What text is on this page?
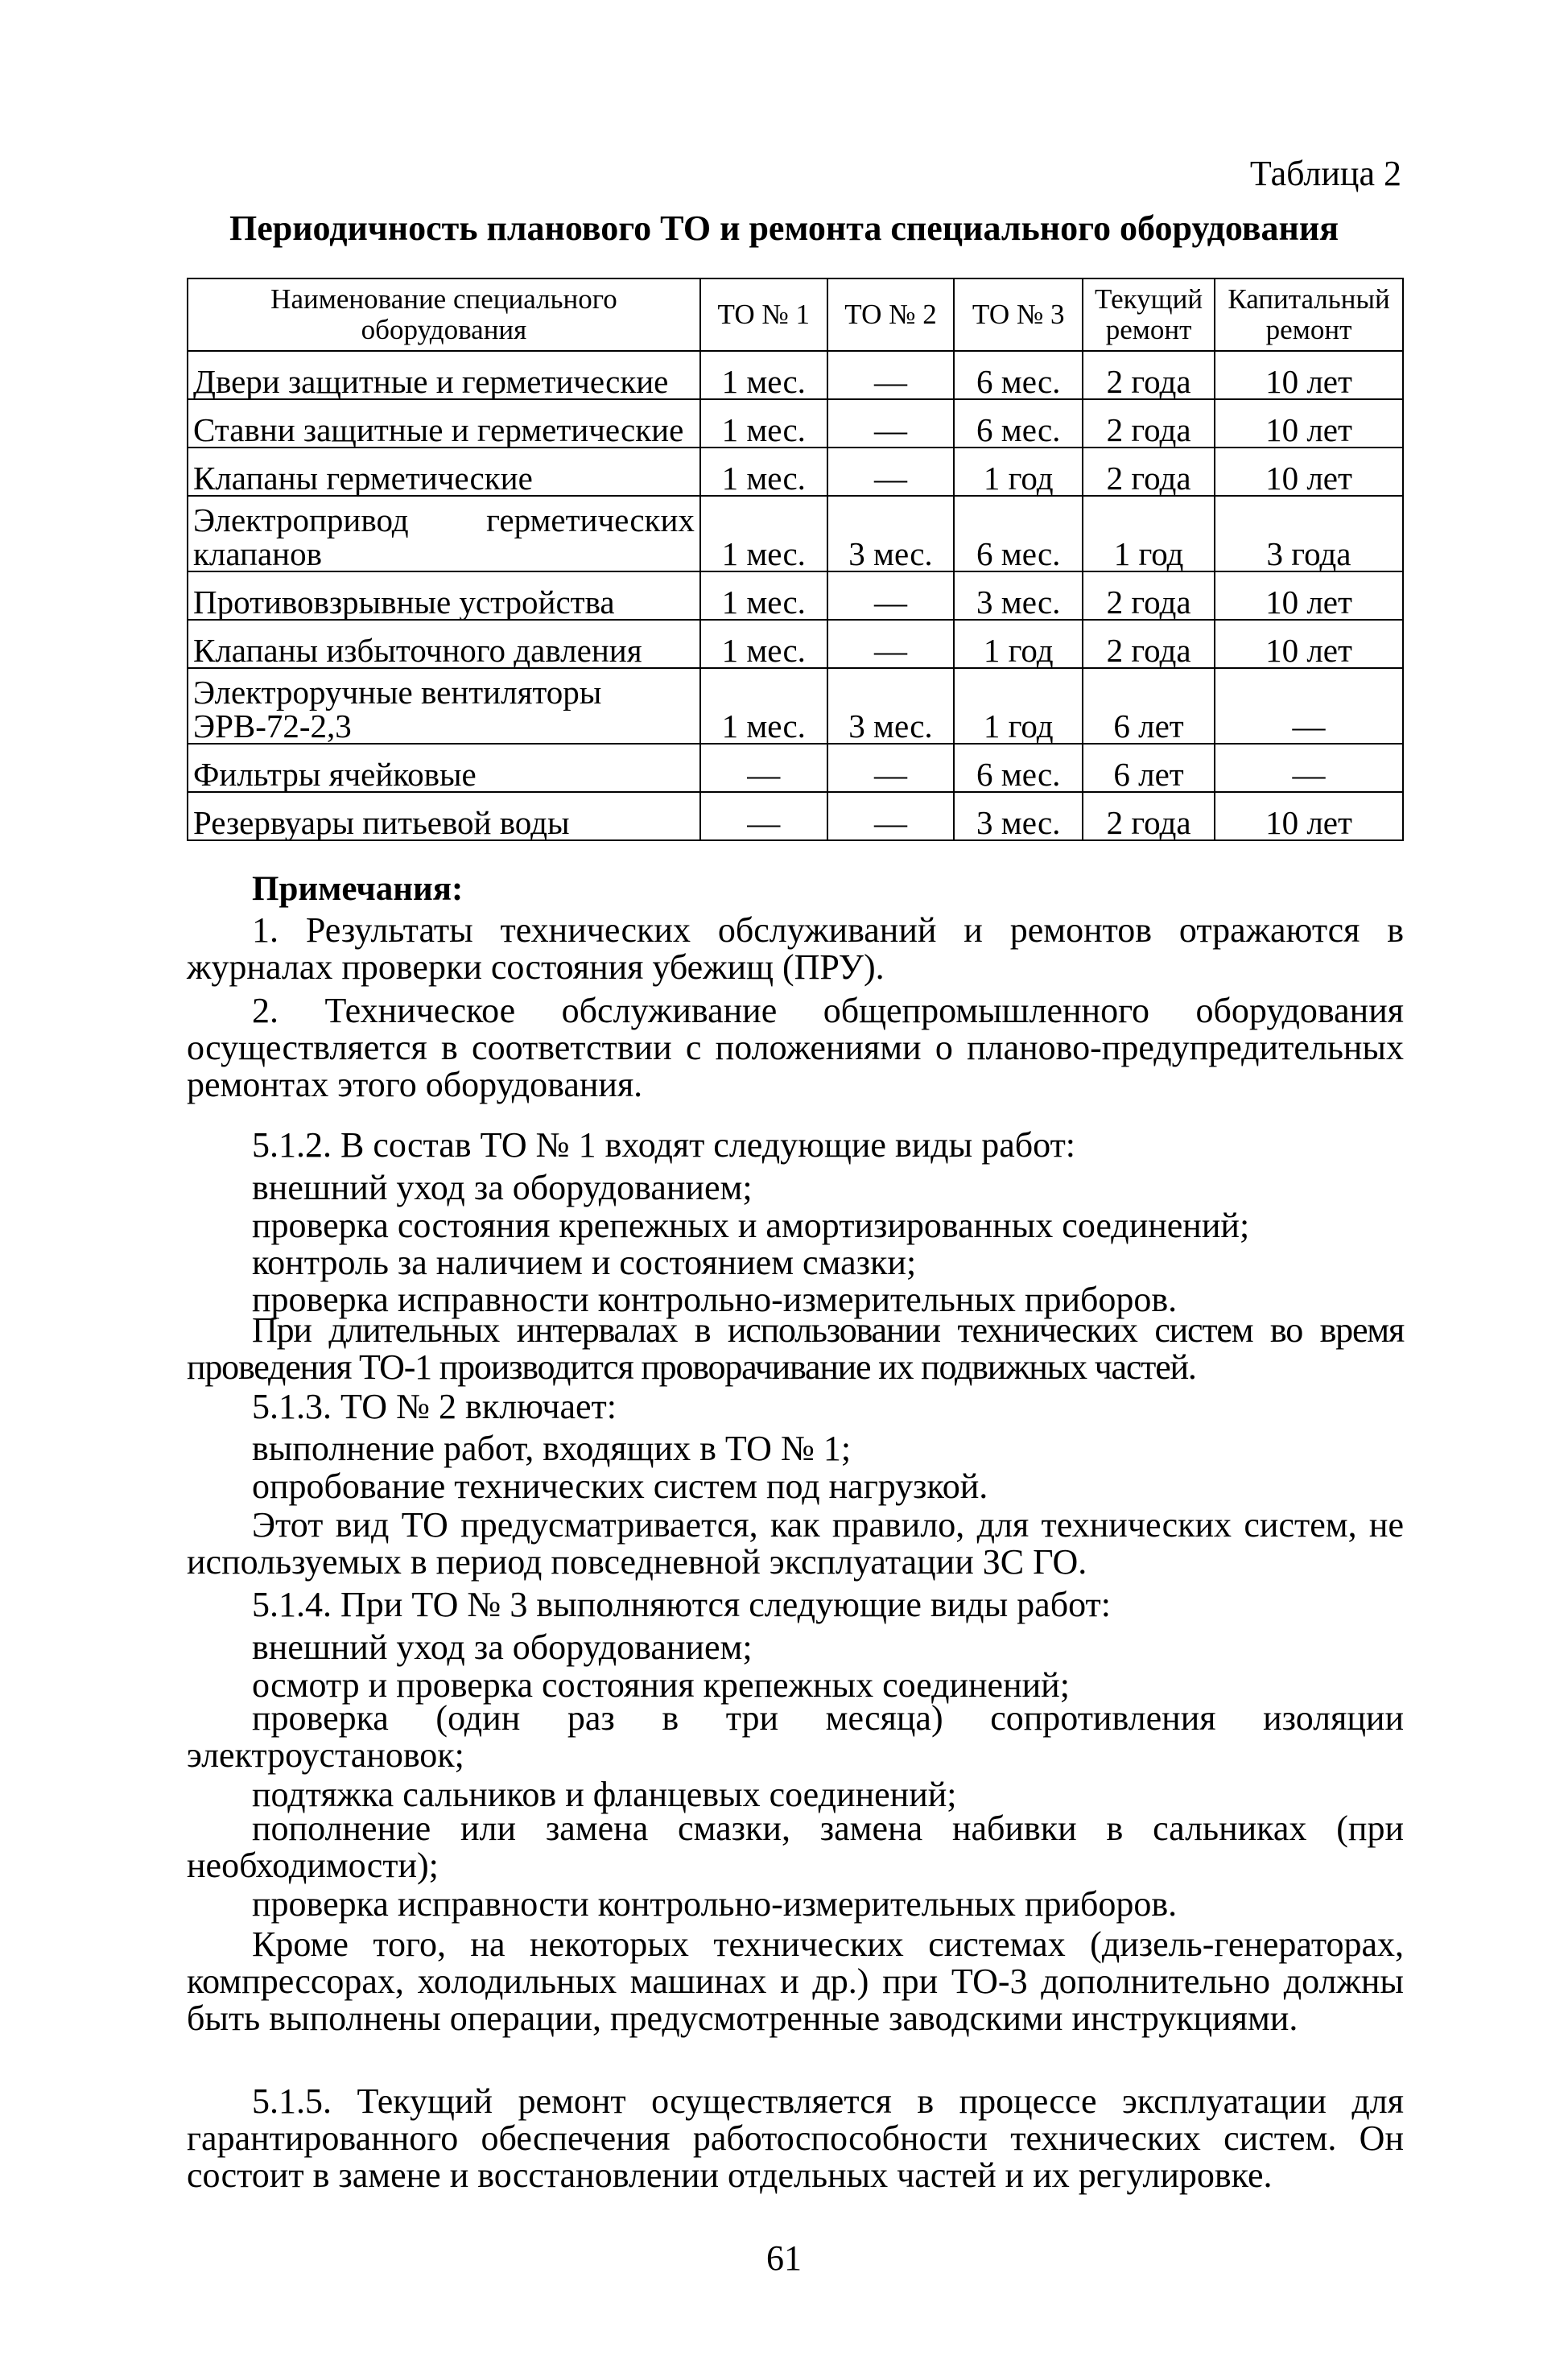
Таблица 2
Периодичность планового ТО и ремонта специального оборудования
Наименование специального оборудования	ТО № 1	ТО № 2	ТО № 3	Текущий ремонт	Капитальный ремонт
Двери защитные и герметические	1 мес.	—	6 мес.	2 года	10 лет
Ставни защитные и герметические	1 мес.	—	6 мес.	2 года	10 лет
Клапаны герметические	1 мес.	—	1 год	2 года	10 лет
Электропривод герметических клапанов	1 мес.	3 мес.	6 мес.	1 год	3 года
Противовзрывные устройства	1 мес.	—	3 мес.	2 года	10 лет
Клапаны избыточного давления	1 мес.	—	1 год	2 года	10 лет
Электроручные вентиляторы ЭРВ-72-2,3	1 мес.	3 мес.	1 год	6 лет	—
Фильтры ячейковые	—	—	6 мес.	6 лет	—
Резервуары питьевой воды	—	—	3 мес.	2 года	10 лет
Примечания:
1. Результаты технических обслуживаний и ремонтов отражаются в журналах проверки состояния убежищ (ПРУ).
2. Техническое обслуживание общепромышленного оборудования осуществляется в соответствии с положениями о планово-предупредительных ремонтах этого оборудования.
5.1.2. В состав ТО № 1 входят следующие виды работ:
внешний уход за оборудованием;
проверка состояния крепежных и амортизированных соединений;
контроль за наличием и состоянием смазки;
проверка исправности контрольно-измерительных приборов.
При длительных интервалах в использовании технических систем во время проведения ТО-1 производится проворачивание их подвижных частей.
5.1.3. ТО № 2 включает:
выполнение работ, входящих в ТО № 1;
опробование технических систем под нагрузкой.
Этот вид ТО предусматривается, как правило, для технических систем, не используемых в период повседневной эксплуатации ЗС ГО.
5.1.4. При ТО № 3 выполняются следующие виды работ:
внешний уход за оборудованием;
осмотр и проверка состояния крепежных соединений;
проверка (один раз в три месяца) сопротивления изоляции электроустановок;
подтяжка сальников и фланцевых соединений;
пополнение или замена смазки, замена набивки в сальниках (при необходимости);
проверка исправности контрольно-измерительных приборов.
Кроме того, на некоторых технических системах (дизель-генераторах, компрессорах, холодильных машинах и др.) при ТО-3 дополнительно должны быть выполнены операции, предусмотренные заводскими инструкциями.
5.1.5. Текущий ремонт осуществляется в процессе эксплуатации для гарантированного обеспечения работоспособности технических систем. Он состоит в замене и восстановлении отдельных частей и их регулировке.
61
